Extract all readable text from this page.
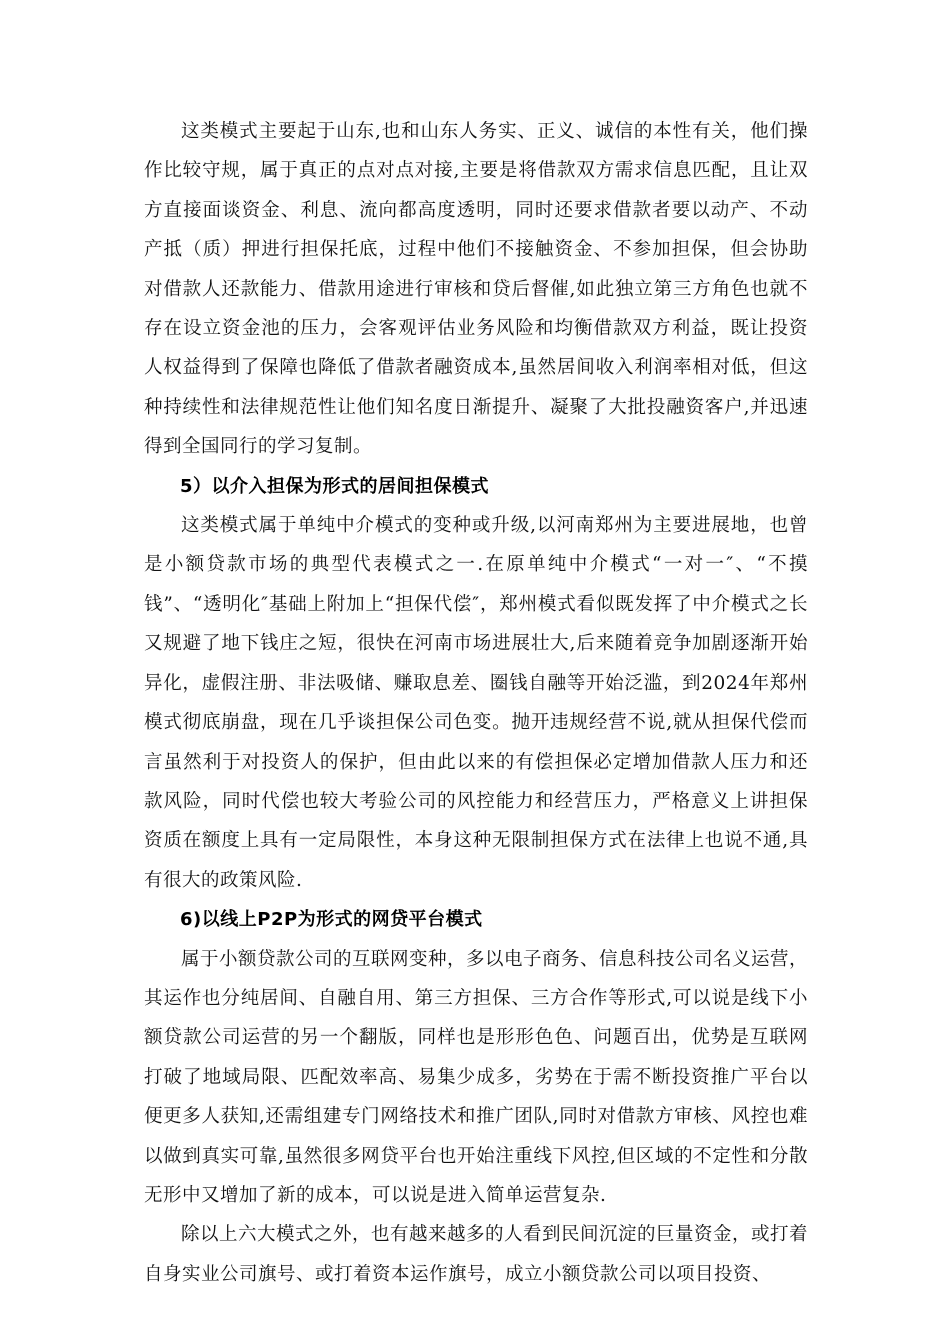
这类模式主要起于山东,也和山东人务实、正义、诚信的本性有关，他们操作比较守规，属于真正的点对点对接,主要是将借款双方需求信息匹配，且让双方直接面谈资金、利息、流向都高度透明，同时还要求借款者要以动产、不动产抵（质）押进行担保托底，过程中他们不接触资金、不参加担保，但会协助对借款人还款能力、借款用途进行审核和贷后督催,如此独立第三方角色也就不存在设立资金池的压力，会客观评估业务风险和均衡借款双方利益，既让投资人权益得到了保障也降低了借款者融资成本,虽然居间收入利润率相对低，但这种持续性和法律规范性让他们知名度日渐提升、凝聚了大批投融资客户,并迅速得到全国同行的学习复制。

5）以介入担保为形式的居间担保模式

这类模式属于单纯中介模式的变种或升级,以河南郑州为主要进展地，也曾是小额贷款市场的典型代表模式之一.在原单纯中介模式“一对一″、“不摸钱”、“透明化″基础上附加上“担保代偿″，郑州模式看似既发挥了中介模式之长又规避了地下钱庄之短，很快在河南市场进展壮大,后来随着竞争加剧逐渐开始异化，虚假注册、非法吸储、赚取息差、圈钱自融等开始泛滥，到2024年郑州模式彻底崩盘，现在几乎谈担保公司色变。抛开违规经营不说,就从担保代偿而言虽然利于对投资人的保护，但由此以来的有偿担保必定增加借款人压力和还款风险，同时代偿也较大考验公司的风控能力和经营压力，严格意义上讲担保资质在额度上具有一定局限性，本身这种无限制担保方式在法律上也说不通,具有很大的政策风险.

6)以线上P2P为形式的网贷平台模式

属于小额贷款公司的互联网变种，多以电子商务、信息科技公司名义运营，其运作也分纯居间、自融自用、第三方担保、三方合作等形式,可以说是线下小额贷款公司运营的另一个翻版，同样也是形形色色、问题百出，优势是互联网打破了地域局限、匹配效率高、易集少成多，劣势在于需不断投资推广平台以便更多人获知,还需组建专门网络技术和推广团队,同时对借款方审核、风控也难以做到真实可靠,虽然很多网贷平台也开始注重线下风控,但区域的不定性和分散无形中又增加了新的成本，可以说是进入简单运营复杂.

除以上六大模式之外，也有越来越多的人看到民间沉淀的巨量资金，或打着自身实业公司旗号、或打着资本运作旗号，成立小额贷款公司以项目投资、
